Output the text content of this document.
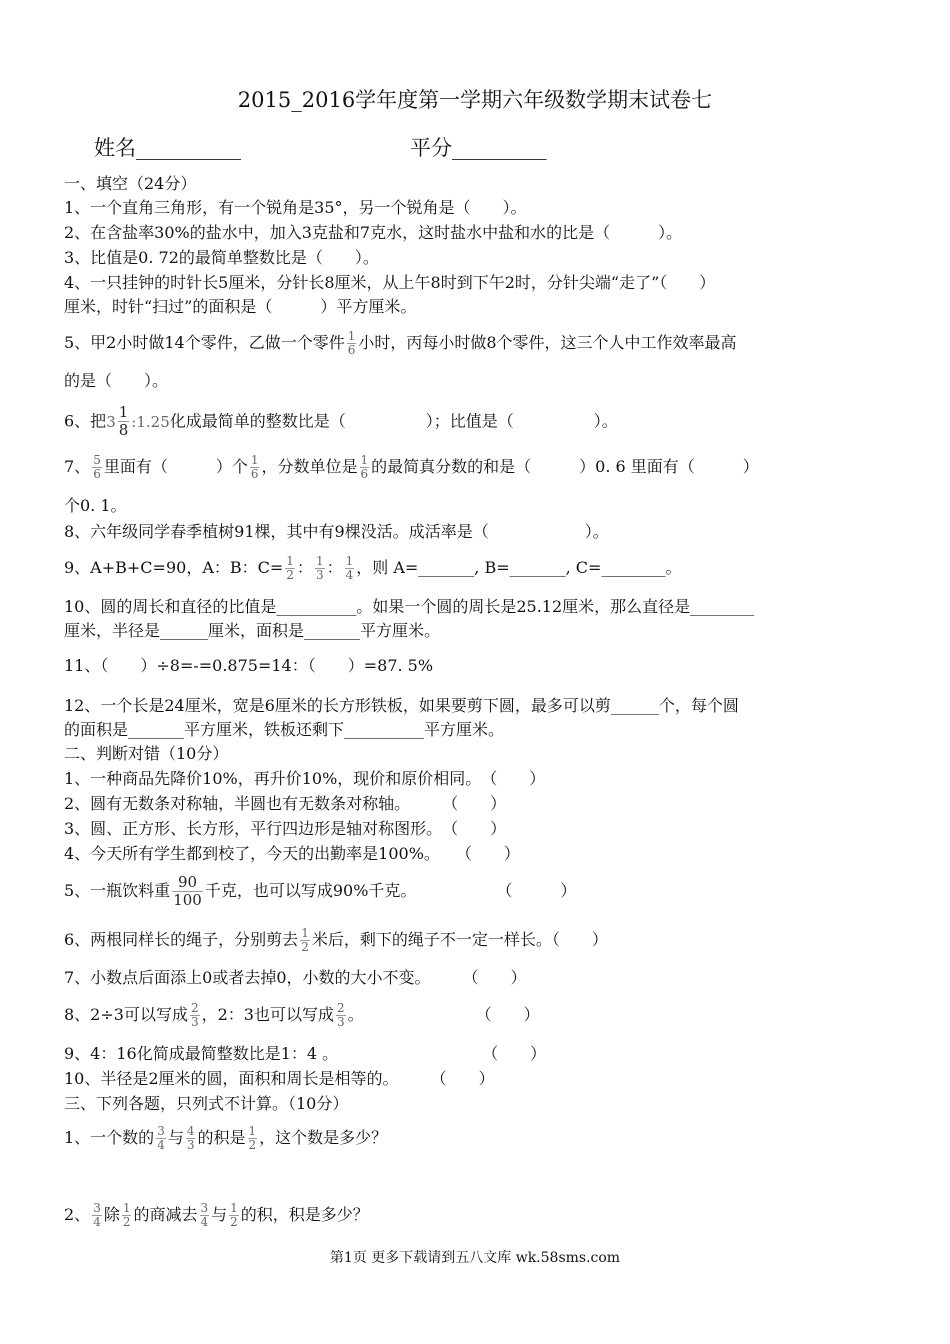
2015_2016学年度第一学期六年级数学期末试卷七
姓名__________	平分_________
一、填空（24分）
1、一个直角三角形，有一个锐角是35°，另一个锐角是（　　）。
2、在含盐率30%的盐水中，加入3克盐和7克水，这时盐水中盐和水的比是（　　　）。
3、比值是0. 72的最简单整数比是（　　）。
4、一只挂钟的时针长5厘米，分针长8厘米，从上午8时到下午2时，分针尖端“走了”（　　）
厘米，时针“扫过”的面积是（　　　）平方厘米。
5、甲2小时做14个零件，乙做一个零件 $\frac{1}{6}$ 小时，丙每小时做8个零件，这三个人中工作效率最高
的是（　　）。
6、把 $3 \frac{1}{8}$ :1.25 化成最简单的整数比是（　　　　　）；比值是（　　　　　）。
7、 $\frac{5}{6}$ 里面有（　　　）个 $\frac{1}{6}$ ，分数单位是 $\frac{1}{6}$ 的最简真分数的和是（　　　）0. 6 里面有（　　　）
个0. 1。
8、六年级同学春季植树91棵，其中有9棵没活。成活率是（　　　　　　）。
9、A+B+C=90，A：B：$C= \frac{1}{2}$ ： $\frac{1}{3}$ ： $\frac{1}{4}$ ，则 A=_______, B=_______, C=________。
10、圆的周长和直径的比值是__________。如果一个圆的周长是25.12厘米，那么直径是________
厘米，半径是______厘米，面积是_______平方厘米。
11、（　　）÷8=-=0.875=14：（　　）=87. 5%
12、一个长是24厘米，宽是6厘米的长方形铁板，如果要剪下圆，最多可以剪______个，每个圆
的面积是_______平方厘米，铁板还剩下__________平方厘米。
二、判断对错（10分）
1、一种商品先降价10%，再升价10%，现价和原价相同。　（　　）
2、圆有无数条对称轴，半圆也有无数条对称轴。　　　（　　）
3、圆、正方形、长方形，平行四边形是轴对称图形。　（　　）
4、今天所有学生都到校了，今天的出勤率是100%。　　（　　）
5、一瓶饮料重 $\frac{90}{100}$ 千克，也可以写成90%千克。　　　　　　（　　　）
6、两根同样长的绳子，分别剪去 $\frac{1}{2}$ 米后，剩下的绳子不一定一样长。（　　）
7、小数点后面添上0或者去掉0，小数的大小不变。　　　（　　）
8、2÷3可以写成 $\frac{2}{3}$ ，2：3也可以写成 $\frac{2}{3}$ 。　　　　　　　　（　　）
9、4：16化简成最简整数比是1：4 。　　　　　　　　　　（　　）
10、半径是2厘米的圆，面积和周长是相等的。　　　（　　）
三、下列各题，只列式不计算。（10分）
1、一个数的 $\frac{3}{4}$ 与 $\frac{4}{3}$ 的积是 $\frac{1}{2}$ ，这个数是多少？
2、 $\frac{3}{4}$ 除 $\frac{1}{2}$ 的商减去 $\frac{3}{4}$ 与 $\frac{1}{2}$ 的积，积是多少？
第1页 更多下载请到五八文库 wk.58sms.com
